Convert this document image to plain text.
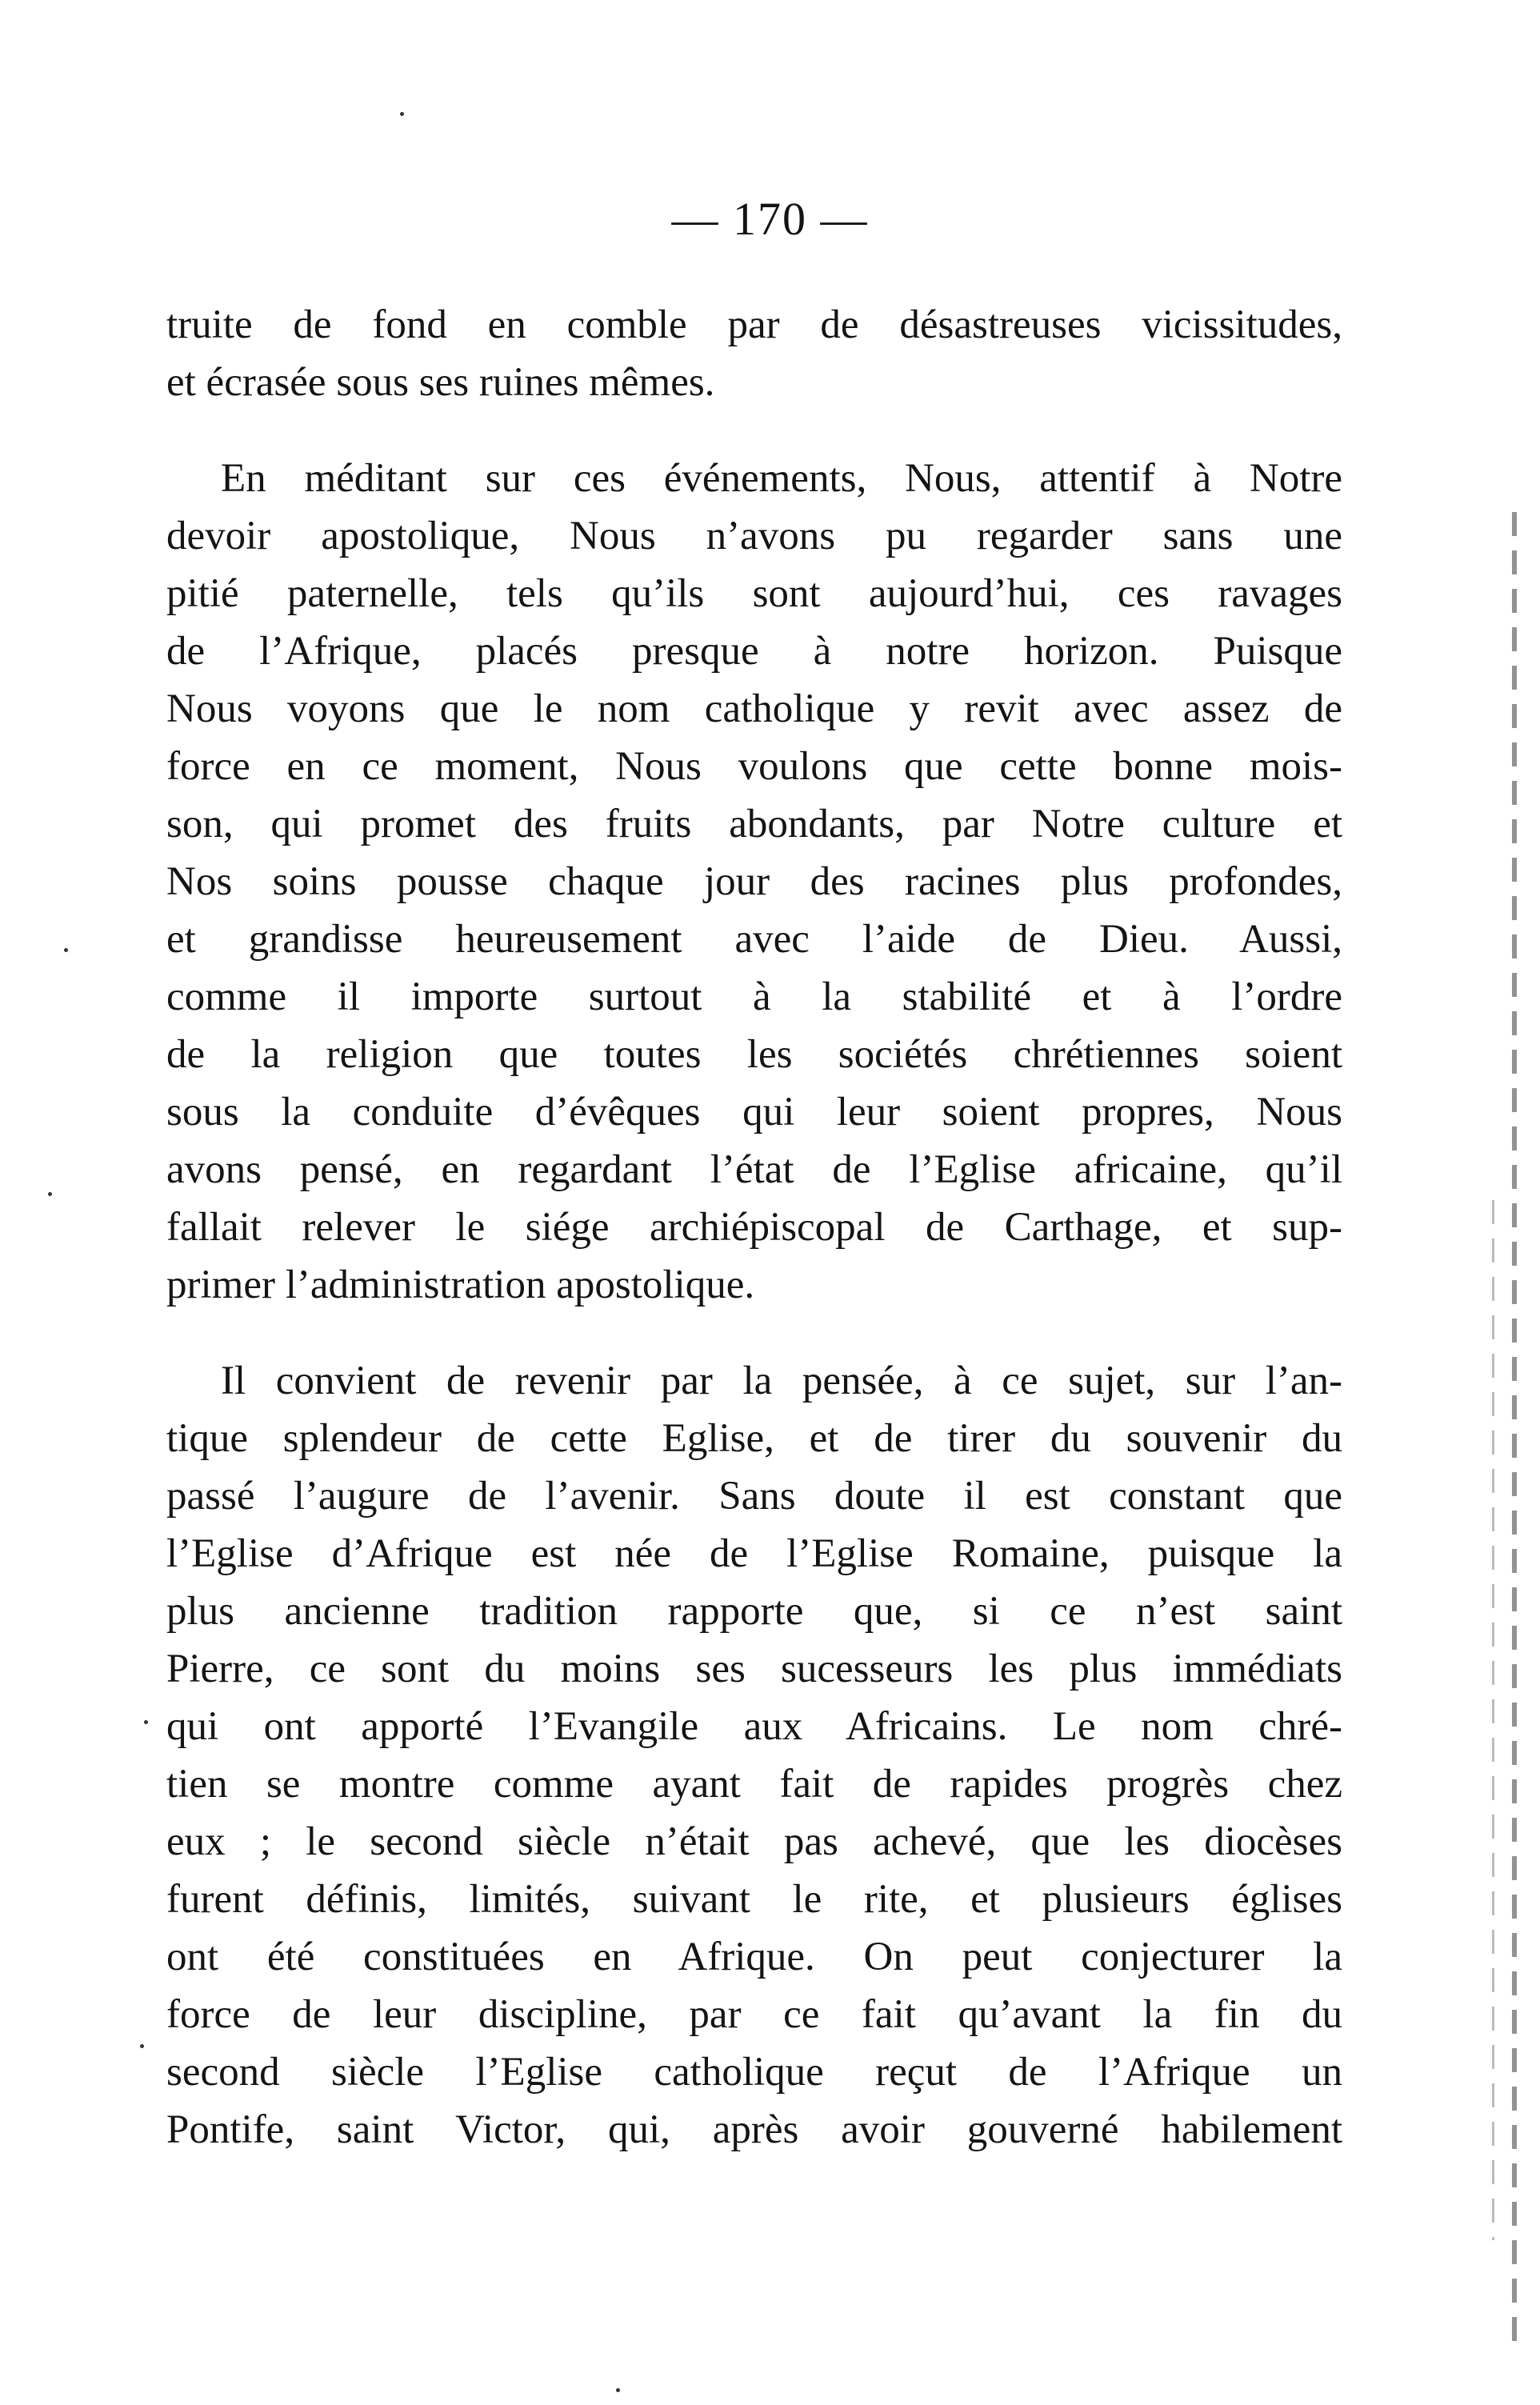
— 170 —

truite de fond en comble par de désastreuses vicissitudes,
et écrasée sous ses ruines mêmes.

En méditant sur ces événements, Nous, attentif à Notre
devoir apostolique, Nous n’avons pu regarder sans une
pitié paternelle, tels qu’ils sont aujourd’hui, ces ravages
de l’Afrique, placés presque à notre horizon. Puisque
Nous voyons que le nom catholique y revit avec assez de
force en ce moment, Nous voulons que cette bonne mois-
son, qui promet des fruits abondants, par Notre culture et
Nos soins pousse chaque jour des racines plus profondes,
et grandisse heureusement avec l’aide de Dieu. Aussi,
comme il importe surtout à la stabilité et à l’ordre
de la religion que toutes les sociétés chrétiennes soient
sous la conduite d’évêques qui leur soient propres, Nous
avons pensé, en regardant l’état de l’Eglise africaine, qu’il
fallait relever le siége archiépiscopal de Carthage, et sup-
primer l’administration apostolique.

Il convient de revenir par la pensée, à ce sujet, sur l’an-
tique splendeur de cette Eglise, et de tirer du souvenir du
passé l’augure de l’avenir. Sans doute il est constant que
l’Eglise d’Afrique est née de l’Eglise Romaine, puisque la
plus ancienne tradition rapporte que, si ce n’est saint
Pierre, ce sont du moins ses sucesseurs les plus immédiats
qui ont apporté l’Evangile aux Africains. Le nom chré-
tien se montre comme ayant fait de rapides progrès chez
eux ; le second siècle n’était pas achevé, que les diocèses
furent définis, limités, suivant le rite, et plusieurs églises
ont été constituées en Afrique. On peut conjecturer la
force de leur discipline, par ce fait qu’avant la fin du
second siècle l’Eglise catholique reçut de l’Afrique un
Pontife, saint Victor, qui, après avoir gouverné habilement
